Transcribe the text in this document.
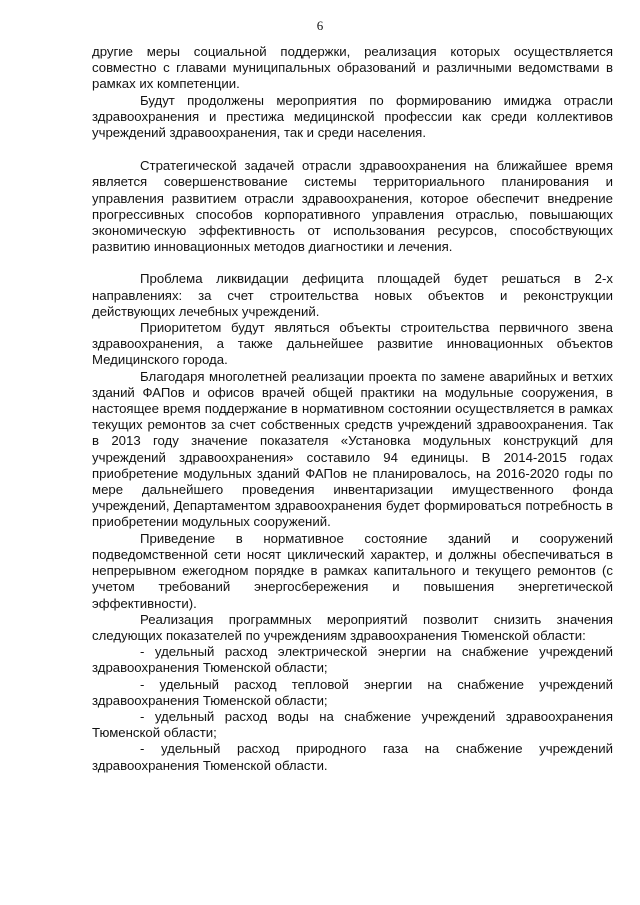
6

другие меры социальной поддержки, реализация которых осуществляется совместно с главами муниципальных образований и различными ведомствами в рамках их компетенции.

Будут продолжены мероприятия по формированию имиджа отрасли здравоохранения и престижа медицинской профессии как среди коллективов учреждений здравоохранения, так и среди населения.

Стратегической задачей отрасли здравоохранения на ближайшее время является совершенствование системы территориального планирования и управления развитием отрасли здравоохранения, которое обеспечит внедрение прогрессивных способов корпоративного управления отраслью, повышающих экономическую эффективность от использования ресурсов, способствующих развитию инновационных методов диагностики и лечения.

Проблема ликвидации дефицита площадей будет решаться в 2-х направлениях: за счет строительства новых объектов и реконструкции действующих лечебных учреждений.

Приоритетом будут являться объекты строительства первичного звена здравоохранения, а также дальнейшее развитие инновационных объектов Медицинского города.

Благодаря многолетней реализации проекта по замене аварийных и ветхих зданий ФАПов и офисов врачей общей практики на модульные сооружения, в настоящее время поддержание в нормативном состоянии осуществляется в рамках текущих ремонтов за счет собственных средств учреждений здравоохранения. Так в 2013 году значение показателя «Установка модульных конструкций для учреждений здравоохранения» составило 94 единицы. В 2014-2015 годах приобретение модульных зданий ФАПов не планировалось, на 2016-2020 годы по мере дальнейшего проведения инвентаризации имущественного фонда учреждений, Департаментом здравоохранения будет формироваться потребность в приобретении модульных сооружений.

Приведение в нормативное состояние зданий и сооружений подведомственной сети носят циклический характер, и должны обеспечиваться в непрерывном ежегодном порядке в рамках капитального и текущего ремонтов (с учетом требований энергосбережения и повышения энергетической эффективности).

Реализация программных мероприятий позволит снизить значения следующих показателей по учреждениям здравоохранения Тюменской области:

- удельный расход электрической энергии на снабжение учреждений здравоохранения Тюменской области;

- удельный расход тепловой энергии на снабжение учреждений здравоохранения Тюменской области;

- удельный расход воды на снабжение учреждений здравоохранения Тюменской области;

- удельный расход природного газа на снабжение учреждений здравоохранения Тюменской области.
